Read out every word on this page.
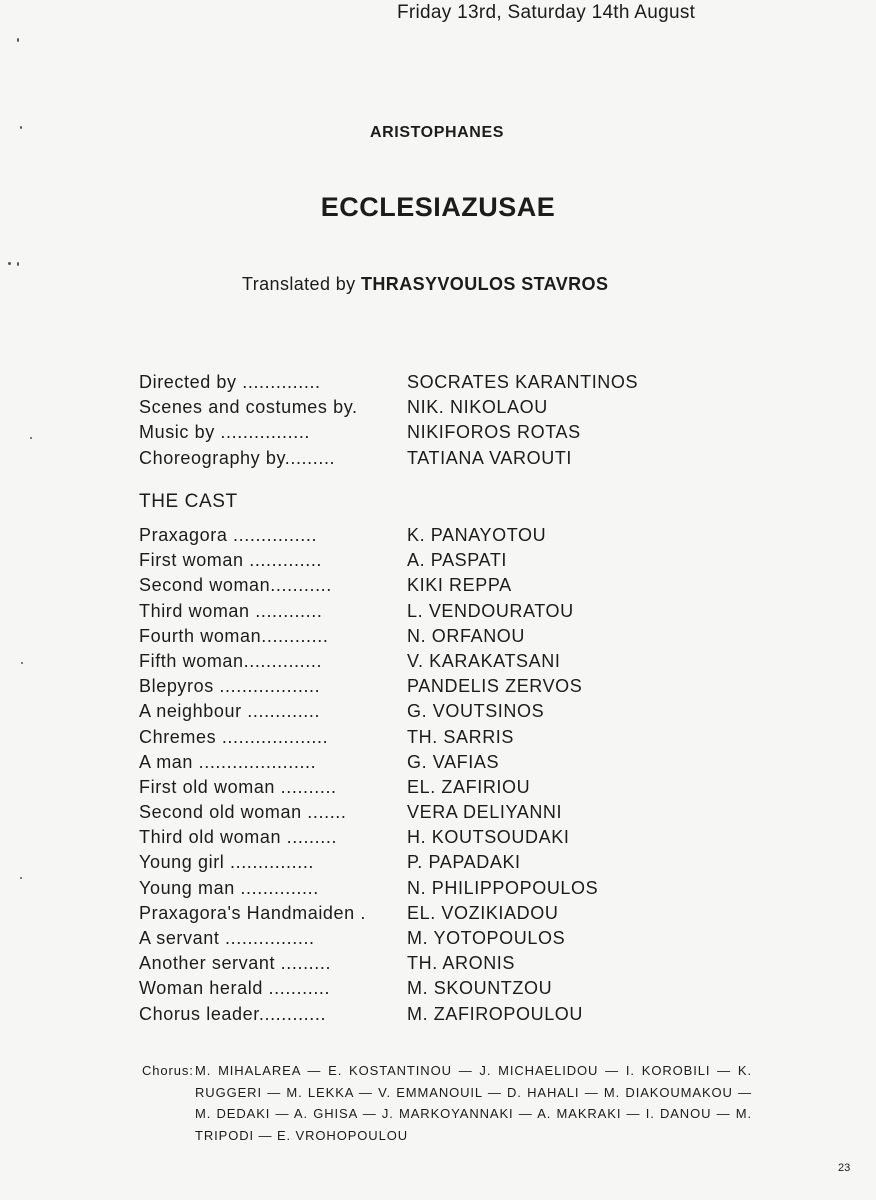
Friday 13rd, Saturday 14th August
ARISTOPHANES
ECCLESIAZUSAE
Translated by THRASYVOULOS STAVROS
Directed by ..............	SOCRATES KARANTINOS
Scenes and costumes by.	NIK. NIKOLAOU
Music by ................	NIKIFOROS ROTAS
Choreography by.........	TATIANA VAROUTI
THE CAST
Praxagora ...............	K. PANAYOTOU
First woman .............	A. PASPATI
Second woman...........	KIKI REPPA
Third woman ............	L. VENDOURATOU
Fourth woman............	N. ORFANOU
Fifth woman..............	V. KARAKATSANI
Blepyros ..................	PANDELIS ZERVOS
A neighbour .............	G. VOUTSINOS
Chremes ...................	TH. SARRIS
A man .....................	G. VAFIAS
First old woman ..........	EL. ZAFIRIOU
Second old woman .......	VERA DELIYANNI
Third old woman .........	H. KOUTSOUDAKI
Young girl ...............	P. PAPADAKI
Young man ..............	N. PHILIPPOPOULOS
Praxagora's Handmaiden .	EL. VOZIKIADOU
A servant ................	M. YOTOPOULOS
Another servant .........	TH. ARONIS
Woman herald ...........	M. SKOUNTZOU
Chorus leader............	M. ZAFIROPOULOU
Chorus: M. MIHALAREA — E. KOSTANTINOU — J. MICHAELIDOU — I. KOROBILI — K. RUGGERI — M. LEKKA — V. EMMANOUIL — D. HAHALI — M. DIAKOUMAKOU — M. DEDAKI — A. GHISA — J. MARKOYANNAKI — A. MAKRAKI — I. DANOU — M. TRIPODI — E. VROHOPOULOU
23
